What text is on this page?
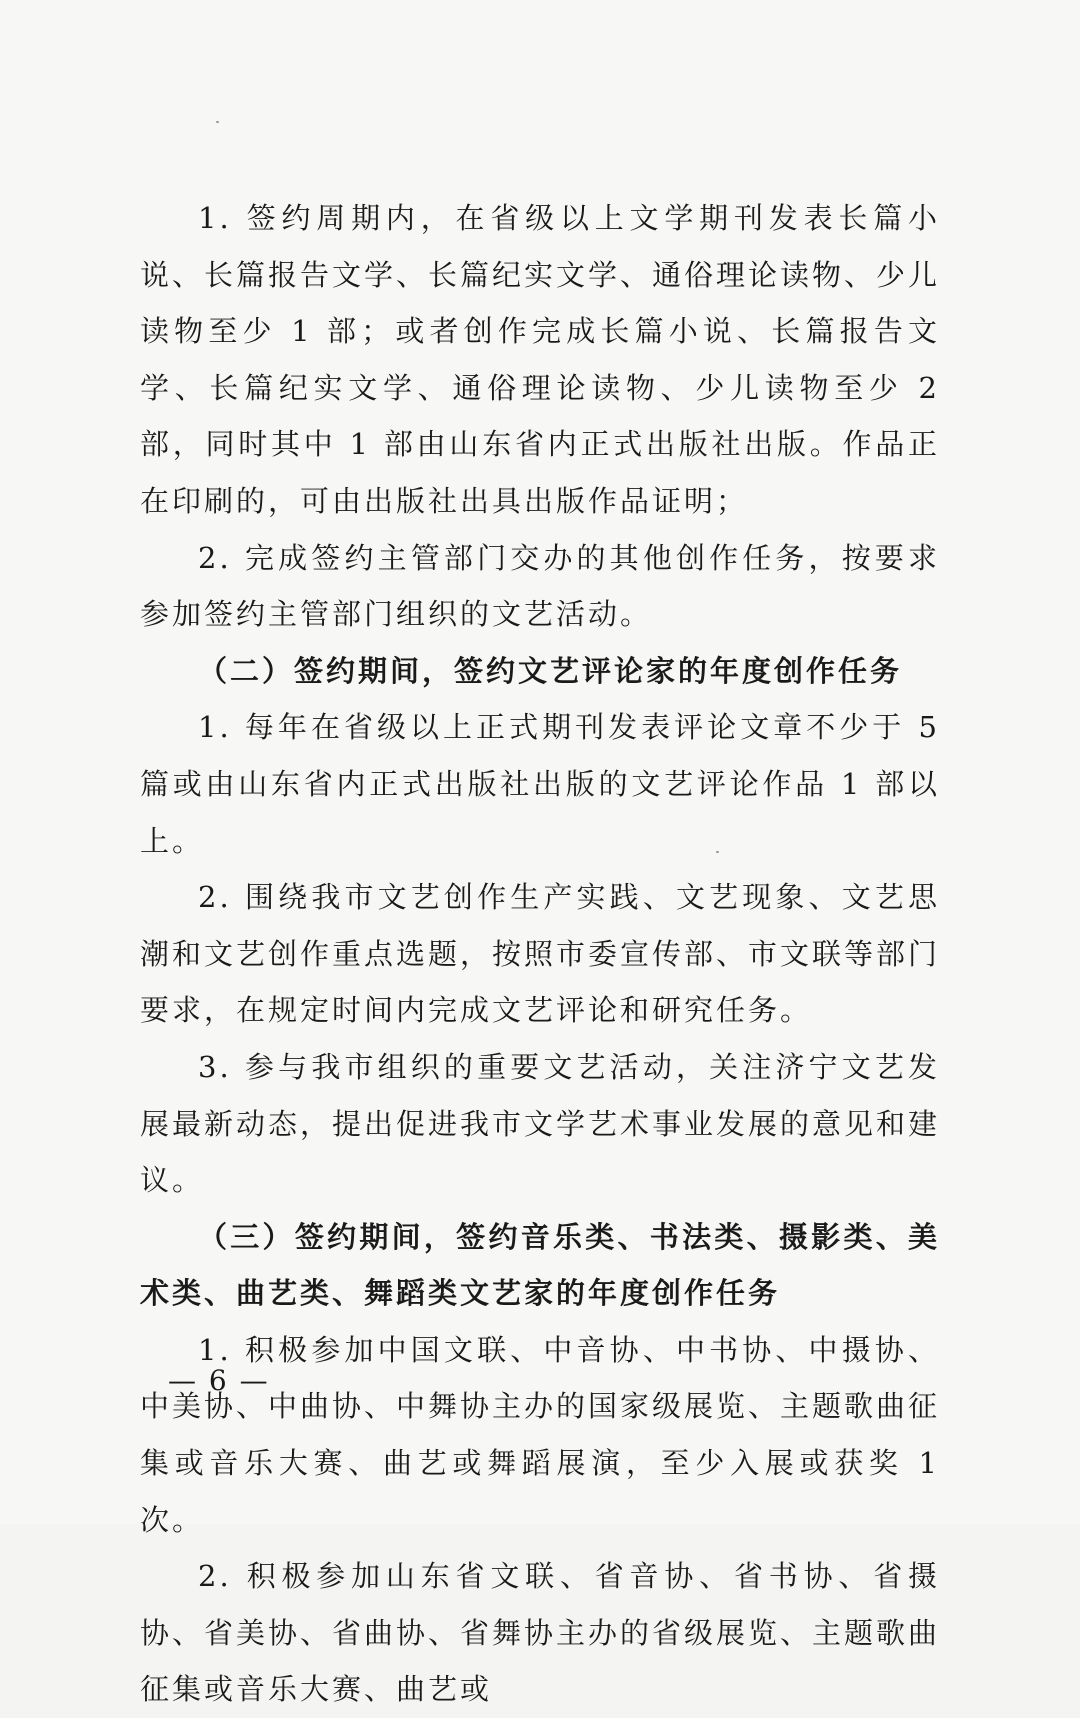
1. 签约周期内，在省级以上文学期刊发表长篇小说、长篇报告文学、长篇纪实文学、通俗理论读物、少儿读物至少 1 部；或者创作完成长篇小说、长篇报告文学、长篇纪实文学、通俗理论读物、少儿读物至少 2 部，同时其中 1 部由山东省内正式出版社出版。作品正在印刷的，可由出版社出具出版作品证明；

2. 完成签约主管部门交办的其他创作任务，按要求参加签约主管部门组织的文艺活动。

（二）签约期间，签约文艺评论家的年度创作任务

1. 每年在省级以上正式期刊发表评论文章不少于 5 篇或由山东省内正式出版社出版的文艺评论作品 1 部以上。

2. 围绕我市文艺创作生产实践、文艺现象、文艺思潮和文艺创作重点选题，按照市委宣传部、市文联等部门要求，在规定时间内完成文艺评论和研究任务。

3. 参与我市组织的重要文艺活动，关注济宁文艺发展最新动态，提出促进我市文学艺术事业发展的意见和建议。

（三）签约期间，签约音乐类、书法类、摄影类、美术类、曲艺类、舞蹈类文艺家的年度创作任务

1. 积极参加中国文联、中音协、中书协、中摄协、中美协、中曲协、中舞协主办的国家级展览、主题歌曲征集或音乐大赛、曲艺或舞蹈展演，至少入展或获奖 1 次。

2. 积极参加山东省文联、省音协、省书协、省摄协、省美协、省曲协、省舞协主办的省级展览、主题歌曲征集或音乐大赛、曲艺或

— 6 —
